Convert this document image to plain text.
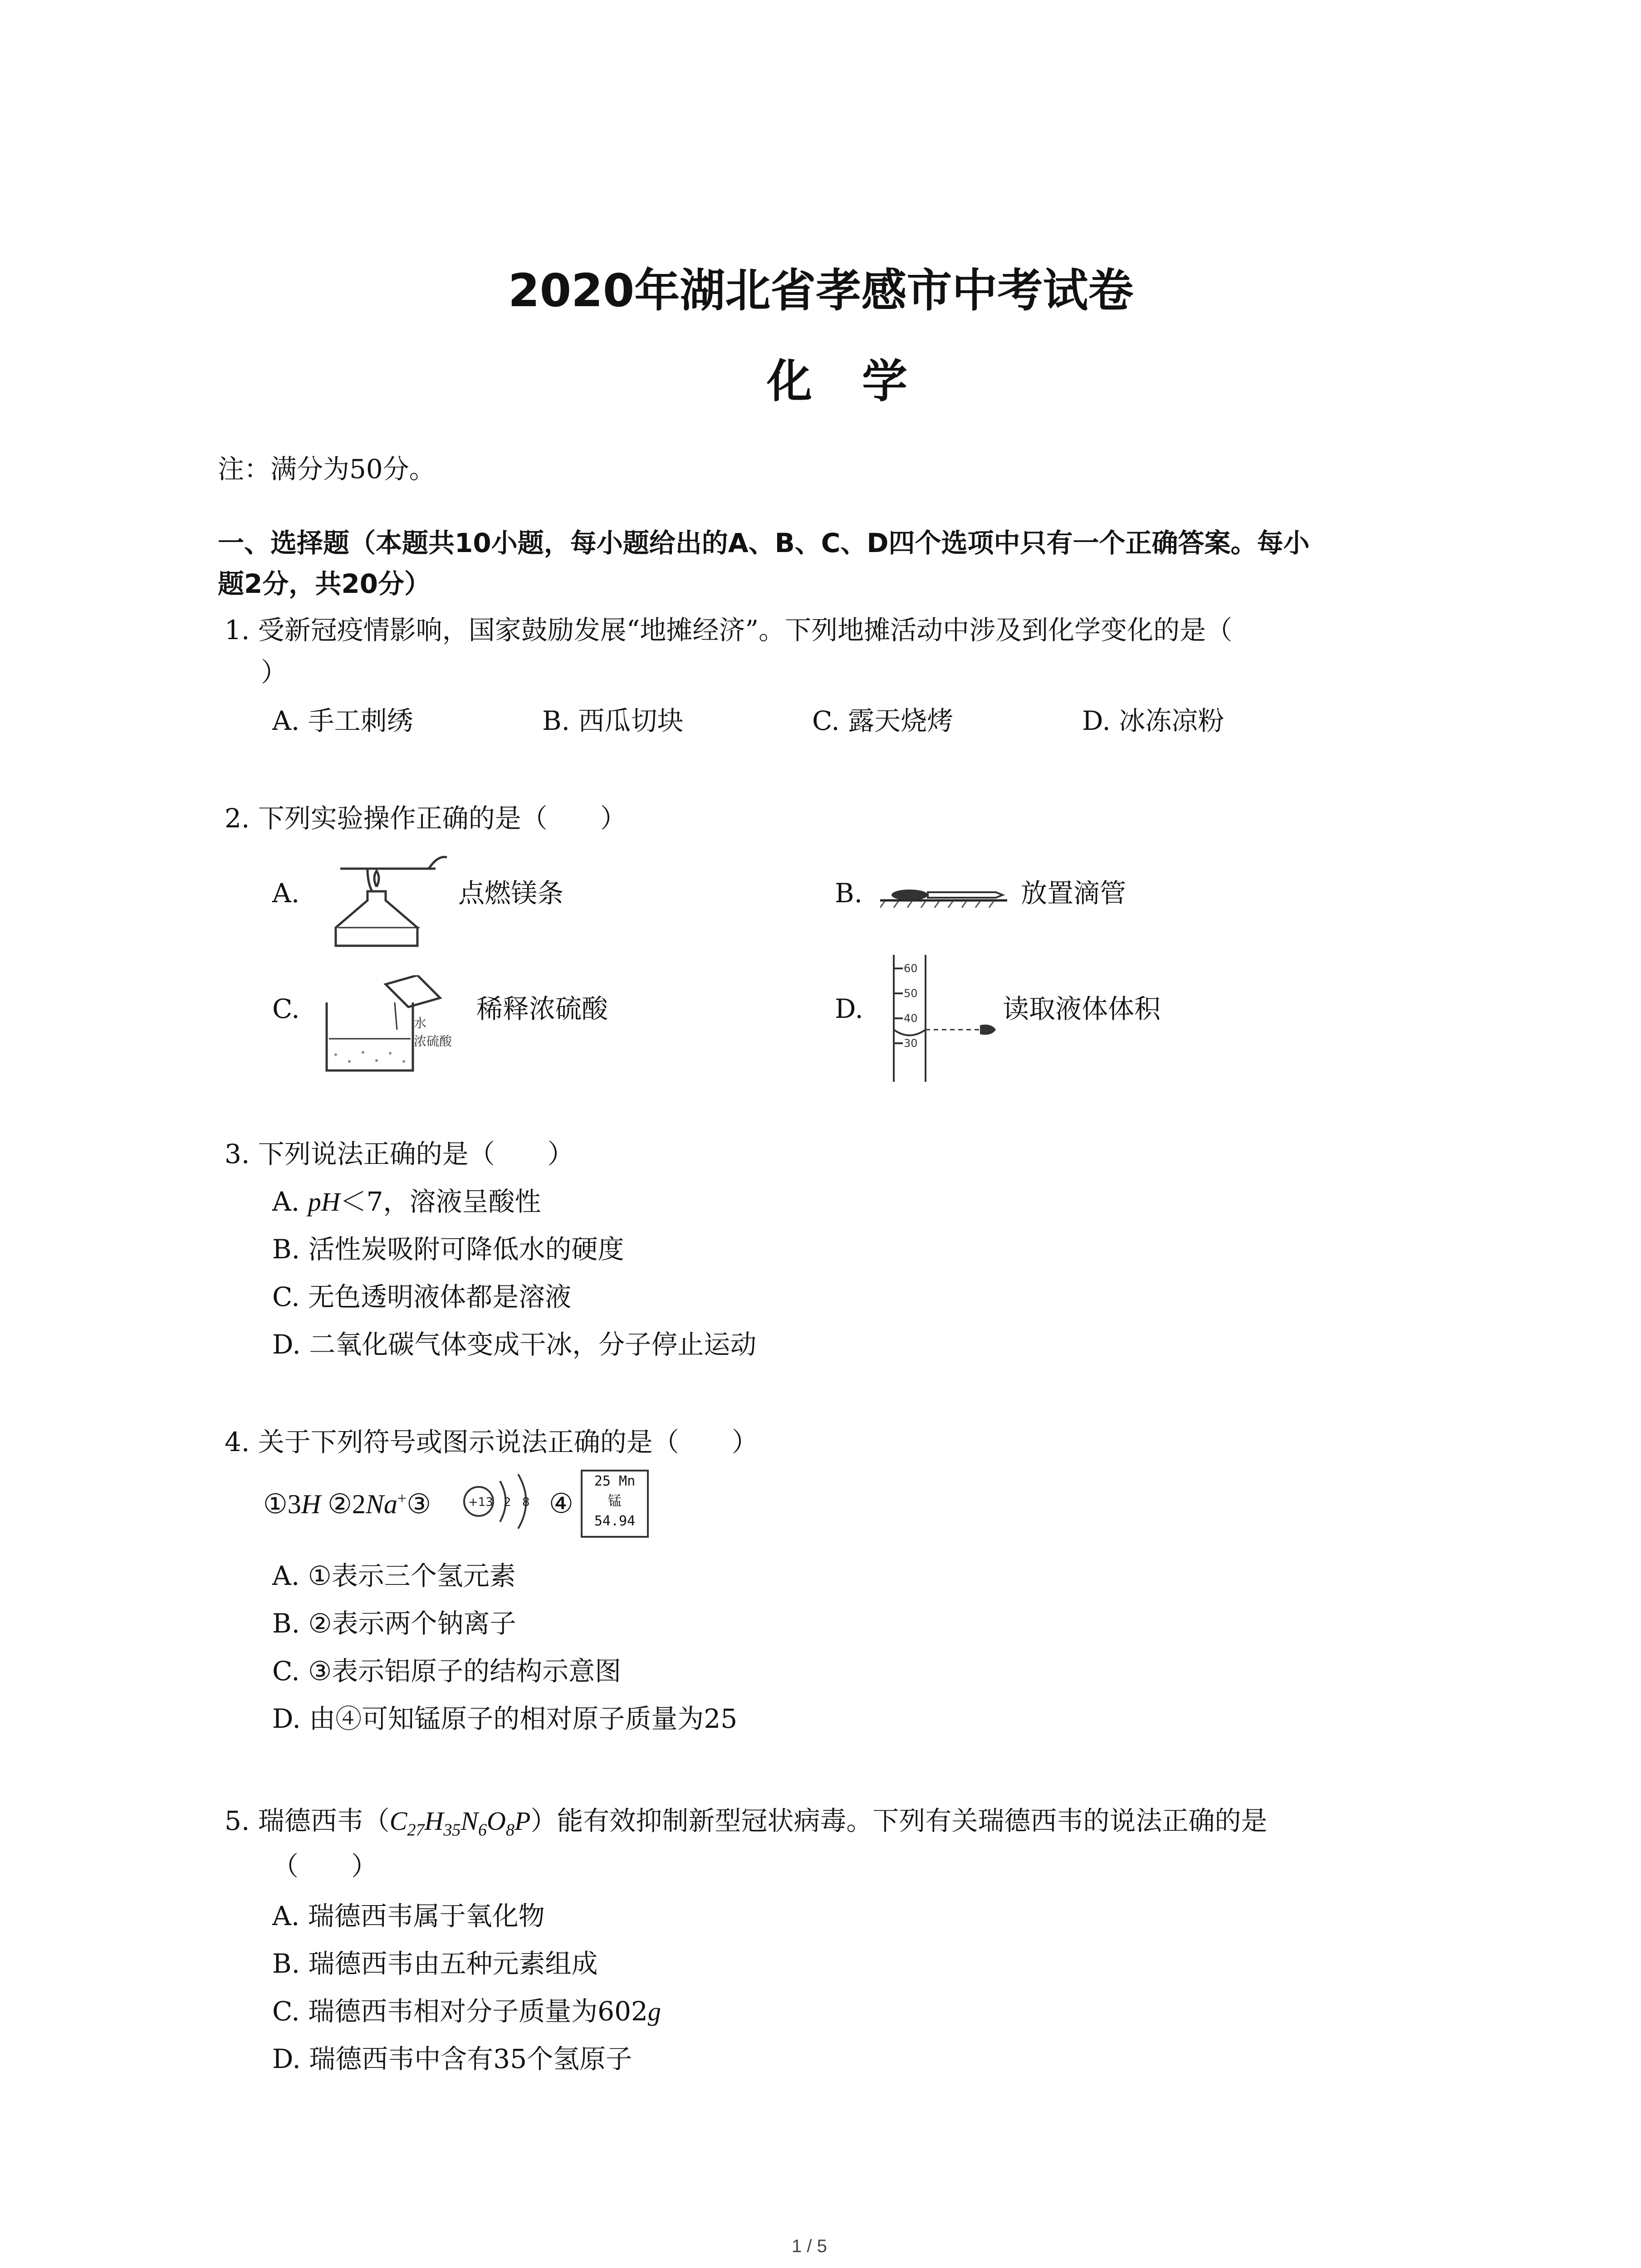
2020年湖北省孝感市中考试卷
化学
注：满分为50分。
一、选择题（本题共10小题，每小题给出的A、B、C、D四个选项中只有一个正确答案。每小
题2分，共20分）
1. 受新冠疫情影响，国家鼓励发展“地摊经济”。下列地摊活动中涉及到化学变化的是（
）
A. 手工刺绣	B. 西瓜切块	C. 露天烧烤	D. 冰冻凉粉
2. 下列实验操作正确的是（　　）
A.	点燃镁条	B.	放置滴管
C.	水
浓硫酸
稀释浓硫酸	D.
60
50
40
30
读取液体体积
3. 下列说法正确的是（　　）
A. pH＜7，溶液呈酸性
B. 活性炭吸附可降低水的硬度
C. 无色透明液体都是溶液
D. 二氧化碳气体变成干冰，分子停止运动
4. 关于下列符号或图示说法正确的是（　　）
①3H ②2Na+③	+13 2 8 ④
25 Mn
锰
54.94
A. ①表示三个氢元素
B. ②表示两个钠离子
C. ③表示铝原子的结构示意图
D. 由④可知锰原子的相对原子质量为25
5. 瑞德西韦$(C_{27}H_{35}N_6O_8P)$能有效抑制新型冠状病毒。下列有关瑞德西韦的说法正确的是
（　　）
A. 瑞德西韦属于氧化物
B. 瑞德西韦由五种元素组成
C. 瑞德西韦相对分子质量为602g
D. 瑞德西韦中含有35个氢原子
1 / 5
